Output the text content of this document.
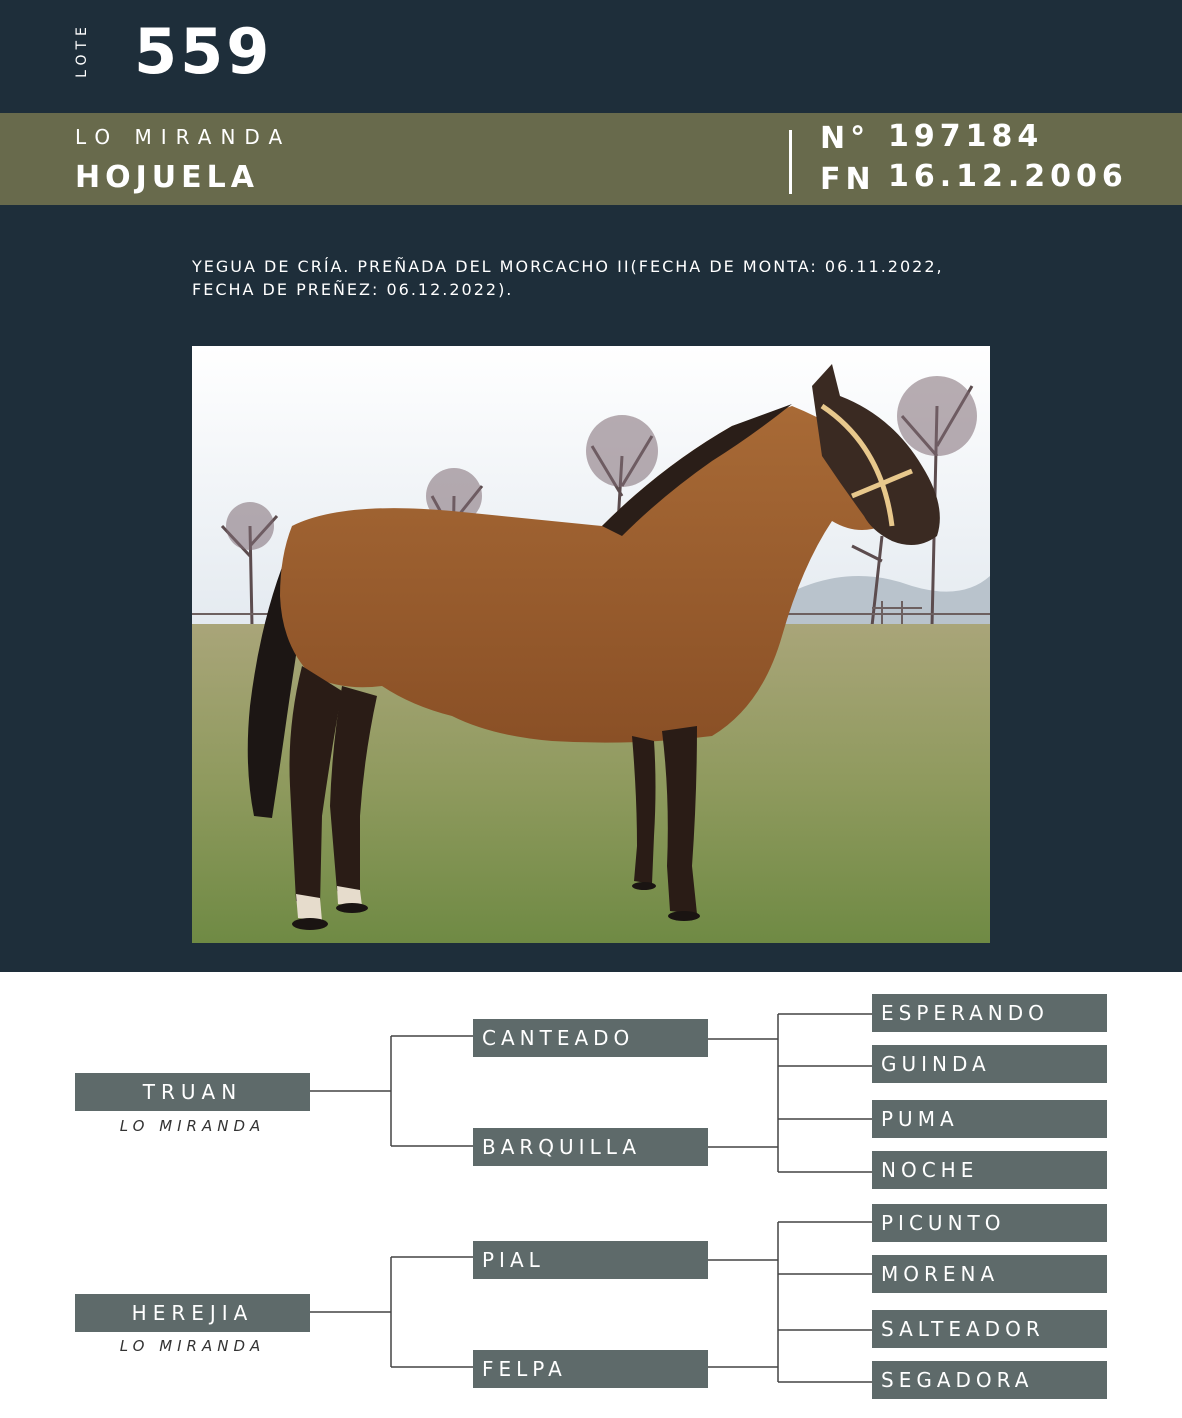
LOTE 559
LO MIRANDA
HOJUELA
N° 197184
FN 16.12.2006
YEGUA DE CRÍA. PREÑADA DEL MORCACHO II(FECHA DE MONTA: 06.11.2022, FECHA DE PREÑEZ: 06.12.2022).
TRUAN
LO MIRANDA
HEREJIA
LO MIRANDA
CANTEADO
BARQUILLA
PIAL
FELPA
ESPERANDO
GUINDA
PUMA
NOCHE
PICUNTO
MORENA
SALTEADOR
SEGADORA
